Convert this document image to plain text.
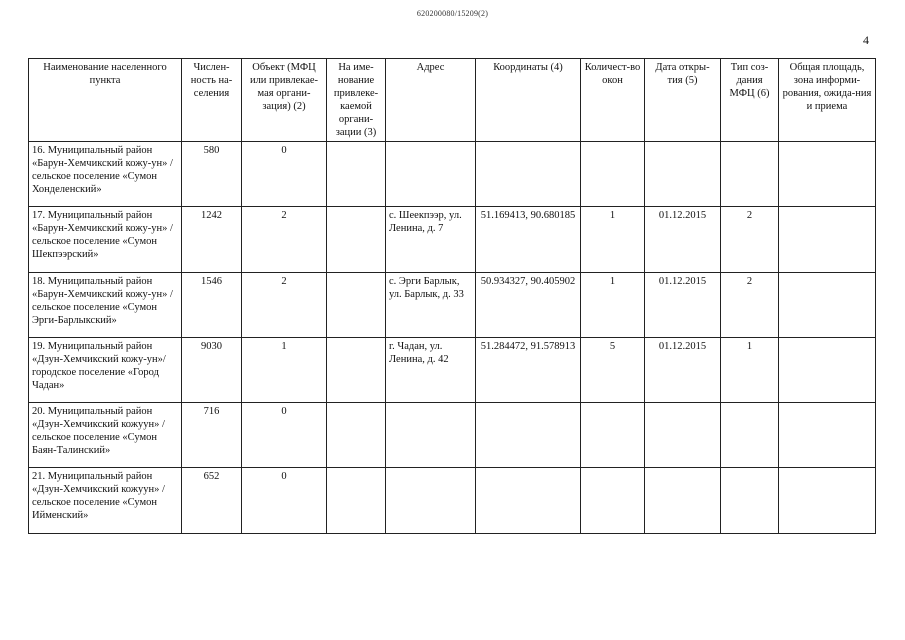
620200080/15209(2)
4
Наименование населенного пункта	Числен-ность на-селения	Объект (МФЦ или привлекае-мая органи-зация) (2)	На име-нование привлеке-каемой органи-зации (3)	Адрес	Координаты (4)	Количест-во окон	Дата откры-тия (5)	Тип соз-дания МФЦ (6)	Общая площадь, зона информи-рования, ожида-ния и приема
16. Муниципальный район «Барун-Хемчикский кожу-ун» / сельское поселение «Сумон Хонделенский»	580	0							
17. Муниципальный район «Барун-Хемчикский кожу-ун» / сельское поселение «Сумон Шекпээрский»	1242	2		с. Шеекпээр, ул. Ленина, д. 7	51.169413, 90.680185	1	01.12.2015	2	
18. Муниципальный район «Барун-Хемчикский кожу-ун» / сельское поселение «Сумон Эрги-Барлыкский»	1546	2		с. Эрги Барлык, ул. Барлык, д. 33	50.934327, 90.405902	1	01.12.2015	2	
19. Муниципальный район «Дзун-Хемчикский кожу-ун»/городское поселение «Город Чадан»	9030	1		г. Чадан, ул. Ленина, д. 42	51.284472, 91.578913	5	01.12.2015	1	
20. Муниципальный район «Дзун-Хемчикский кожуун» / сельское поселение «Сумон Баян-Талинский»	716	0							
21. Муниципальный район «Дзун-Хемчикский кожуун» / сельское поселение «Сумон Ийменский»	652	0							
